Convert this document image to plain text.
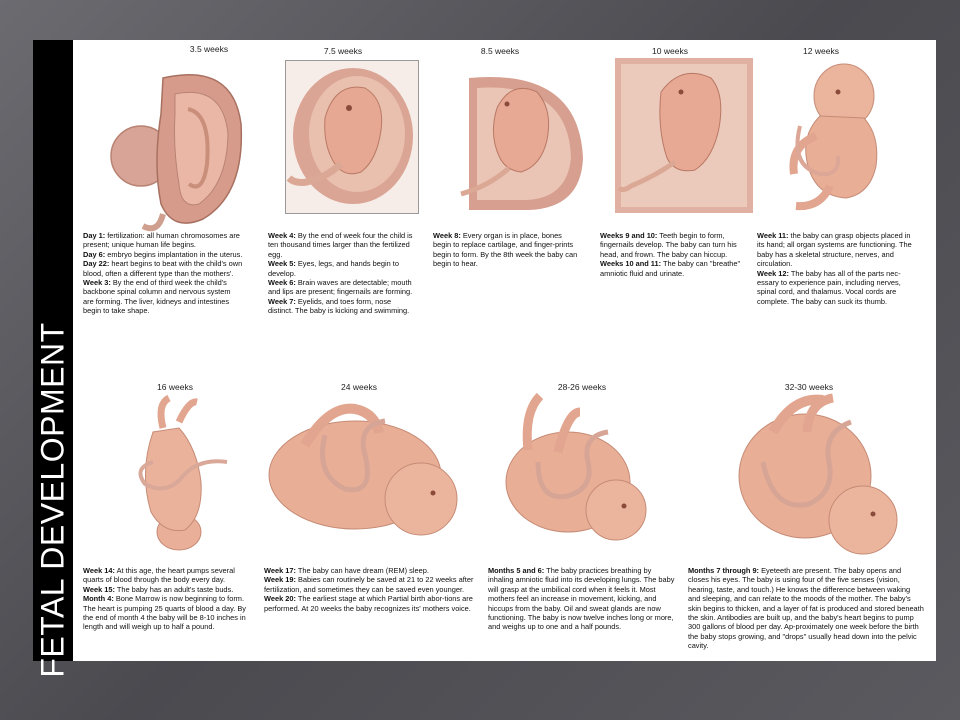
FETAL DEVELOPMENT
3.5 weeks	7.5 weeks	8.5 weeks	10 weeks	12 weeks

Day 1: fertilization: all human chromosomes are present; unique human life begins.

Day 6: embryo begins implantation in the uterus.

Day 22: heart begins to beat with the child's own blood, often a different type than the mothers'.

Week 3: By the end of third week the child's backbone spinal column and nervous system are forming. The liver, kidneys and intestines begin to take shape.

Week 4: By the end of week four the child is ten thousand times larger than the fertilized egg.

Week 5: Eyes, legs, and hands begin to develop.

Week 6: Brain waves are detectable; mouth and lips are present; fingernails are forming.

Week 7: Eyelids, and toes form, nose distinct. The baby is kicking and swimming.

Week 8: Every organ is in place, bones begin to replace cartilage, and finger-prints begin to form. By the 8th week the baby can begin to hear.

Weeks 9 and 10: Teeth begin to form, fingernails develop. The baby can turn his head, and frown. The baby can hiccup.

Weeks 10 and 11: The baby can "breathe" amniotic fluid and urinate.

Week 11: the baby can grasp objects placed in its hand; all organ systems are functioning. The baby has a skeletal structure, nerves, and circulation.

Week 12: The baby has all of the parts nec-essary to experience pain, including nerves, spinal cord, and thalamus. Vocal cords are complete. The baby can suck its thumb.

16 weeks	24 weeks	28-26 weeks	32-30 weeks

Week 14: At this age, the heart pumps several quarts of blood through the body every day.

Week 15: The baby has an adult's taste buds.

Month 4: Bone Marrow is now beginning to form. The heart is pumping 25 quarts of blood a day. By the end of month 4 the baby will be 8-10 inches in length and will weigh up to half a pound.

Week 17: The baby can have dream (REM) sleep.

Week 19: Babies can routinely be saved at 21 to 22 weeks after fertilization, and sometimes they can be saved even younger.

Week 20: The earliest stage at which Partial birth abor-tions are performed. At 20 weeks the baby recognizes its' mothers voice.

Months 5 and 6: The baby practices breathing by inhaling amniotic fluid into its developing lungs. The baby will grasp at the umbilical cord when it feels it. Most mothers feel an increase in movement, kicking, and hiccups from the baby. Oil and sweat glands are now functioning. The baby is now twelve inches long or more, and weighs up to one and a half pounds.

Months 7 through 9: Eyeteeth are present. The baby opens and closes his eyes. The baby is using four of the five senses (vision, hearing, taste, and touch.) He knows the difference between waking and sleeping, and can relate to the moods of the mother. The baby's skin begins to thicken, and a layer of fat is produced and stored beneath the skin. Antibodies are built up, and the baby's heart begins to pump 300 gallons of blood per day. Ap-proximately one week before the birth the baby stops growing, and "drops" usually head down into the pelvic cavity.
